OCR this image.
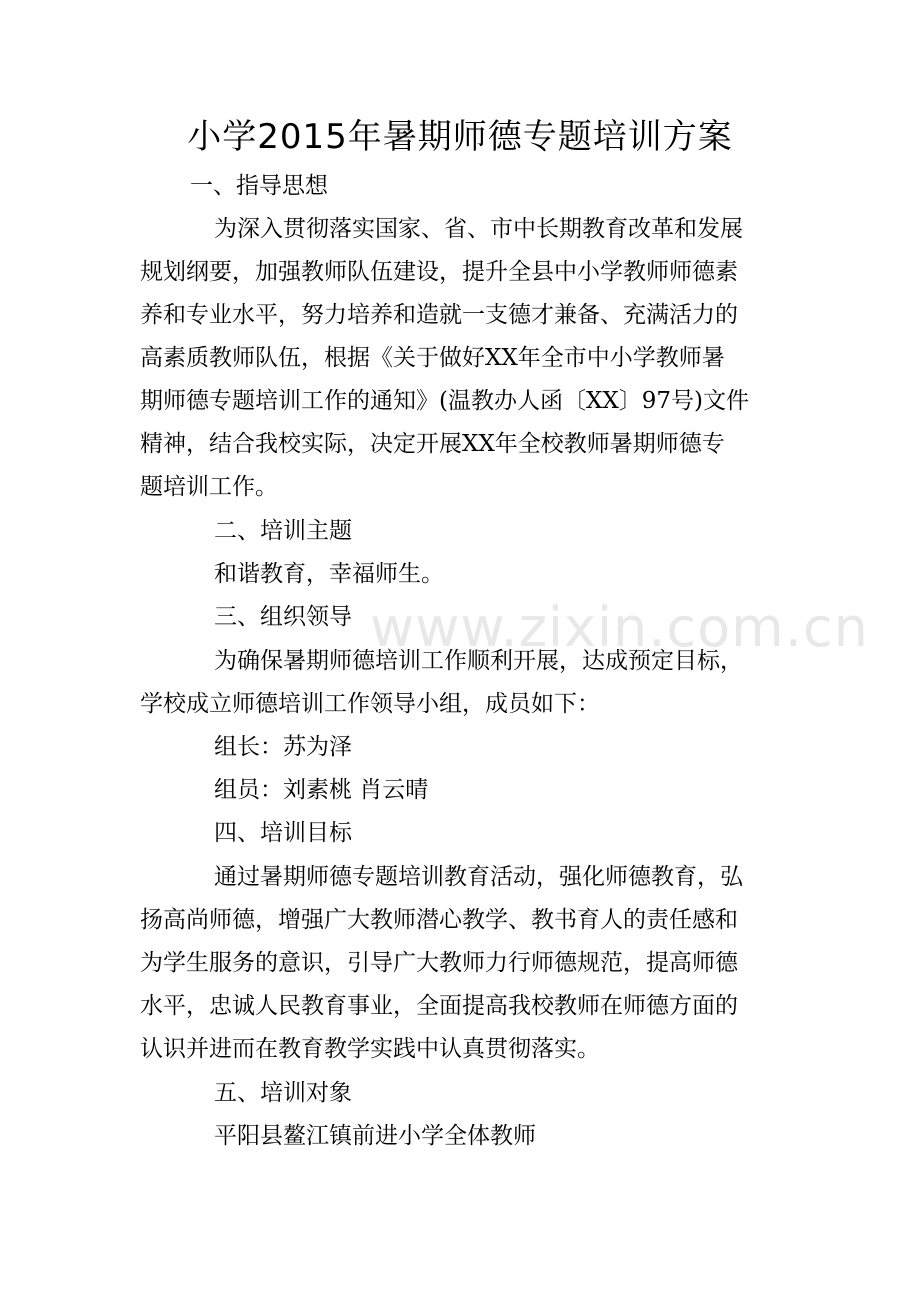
www.zixin.com.cn
小学2015年暑期师德专题培训方案

一、指导思想

为深入贯彻落实国家、省、市中长期教育改革和发展

规划纲要，加强教师队伍建设，提升全县中小学教师师德素

养和专业水平，努力培养和造就一支德才兼备、充满活力的

高素质教师队伍，根据《关于做好XX年全市中小学教师暑

期师德专题培训工作的通知》(温教办人函〔XX〕97号)文件

精神，结合我校实际，决定开展XX年全校教师暑期师德专

题培训工作。

二、培训主题

和谐教育，幸福师生。

三、组织领导

为确保暑期师德培训工作顺利开展，达成预定目标，

学校成立师德培训工作领导小组，成员如下：

组长：苏为泽

组员：刘素桃 肖云晴

四、培训目标

通过暑期师德专题培训教育活动，强化师德教育，弘

扬高尚师德，增强广大教师潜心教学、教书育人的责任感和

为学生服务的意识，引导广大教师力行师德规范，提高师德

水平，忠诚人民教育事业，全面提高我校教师在师德方面的

认识并进而在教育教学实践中认真贯彻落实。

五、培训对象

平阳县鳌江镇前进小学全体教师
